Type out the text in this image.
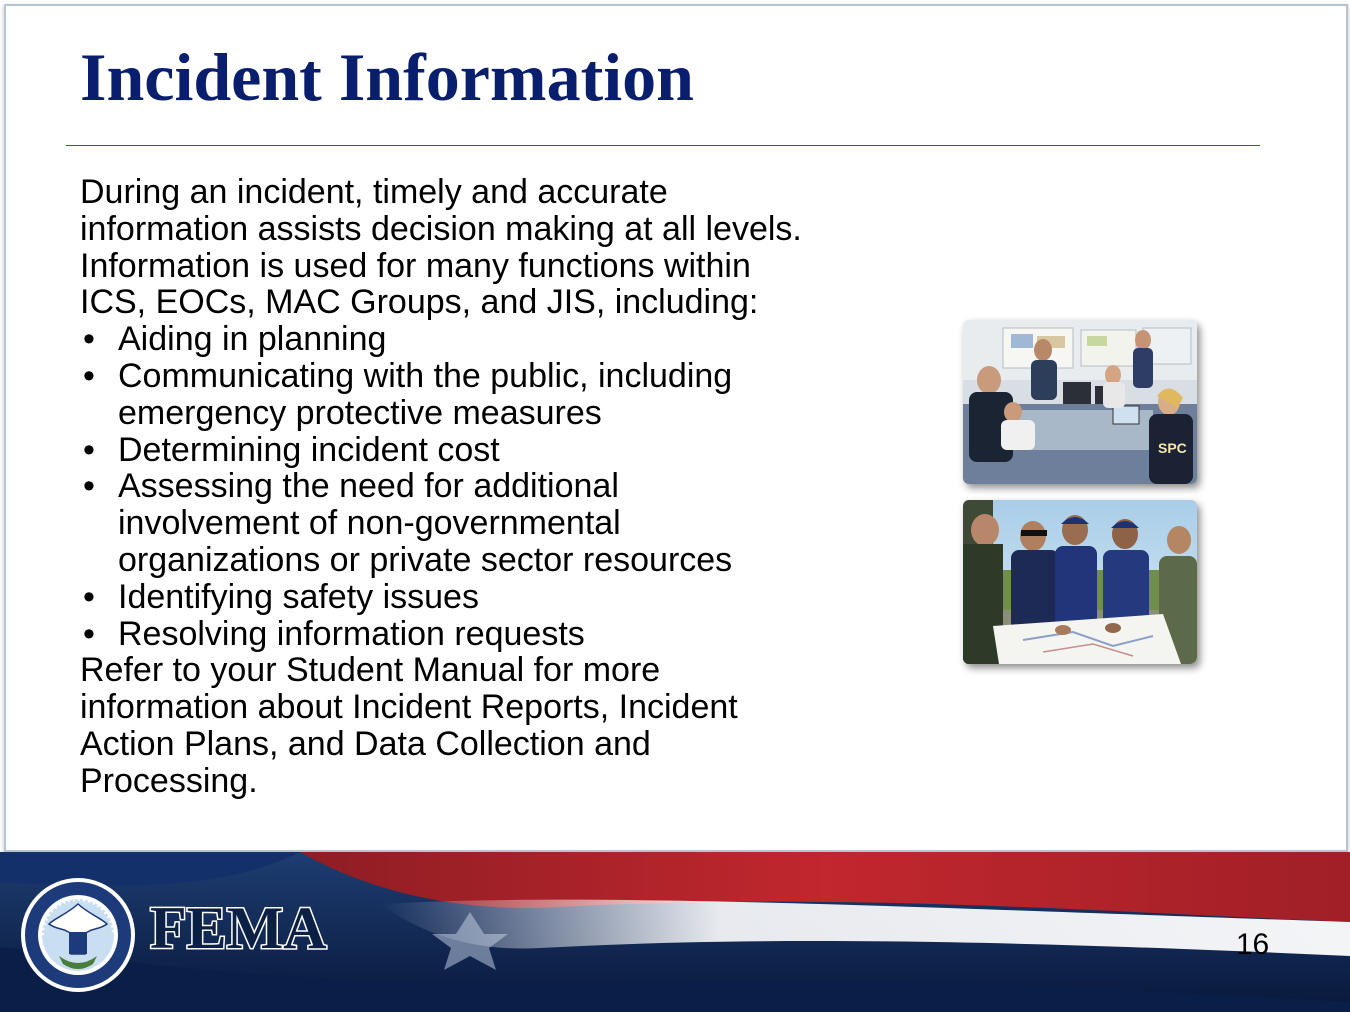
Incident Information

During an incident, timely and accurate
information assists decision making at all levels.
Information is used for many functions within
ICS, EOCs, MAC Groups, and JIS, including:

• Aiding in planning
• Communicating with the public, including
emergency protective measures
• Determining incident cost
• Assessing the need for additional
involvement of non-governmental
organizations or private sector resources
• Identifying safety issues
• Resolving information requests

Refer to your Student Manual for more
information about Incident Reports, Incident
Action Plans, and Data Collection and
Processing.

SPC
FEMA	16
